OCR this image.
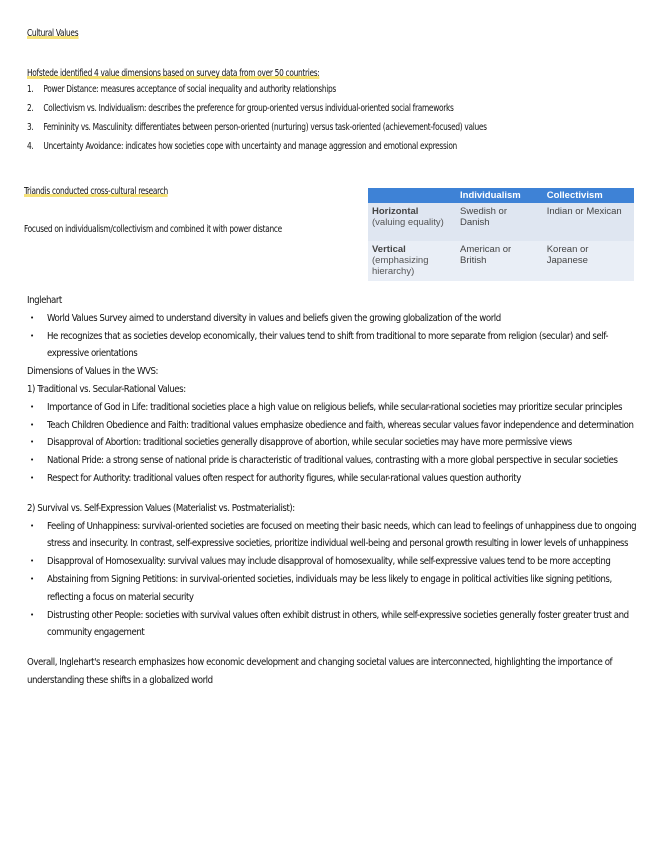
Cultural Values
Hofstede identified 4 value dimensions based on survey data from over 50 countries:
1. Power Distance: measures acceptance of social inequality and authority relationships
2. Collectivism vs. Individualism: describes the preference for group-oriented versus individual-oriented social frameworks
3. Femininity vs. Masculinity: differentiates between person-oriented (nurturing) versus task-oriented (achievement-focused) values
4. Uncertainty Avoidance: indicates how societies cope with uncertainty and manage aggression and emotional expression
Triandis conducted cross-cultural research
Focused on individualism/collectivism and combined it with power distance
	Individualism	Collectivism
Horizontal
(valuing equality)	Swedish or Danish	Indian or Mexican
Vertical
(emphasizing hierarchy)	American or British	Korean or Japanese
Inglehart
• World Values Survey aimed to understand diversity in values and beliefs given the growing globalization of the world
• He recognizes that as societies develop economically, their values tend to shift from traditional to more separate from religion (secular) and self-expressive orientations
Dimensions of Values in the WVS:
1) Traditional vs. Secular-Rational Values:
• Importance of God in Life: traditional societies place a high value on religious beliefs, while secular-rational societies may prioritize secular principles
• Teach Children Obedience and Faith: traditional values emphasize obedience and faith, whereas secular values favor independence and determination
• Disapproval of Abortion: traditional societies generally disapprove of abortion, while secular societies may have more permissive views
• National Pride: a strong sense of national pride is characteristic of traditional values, contrasting with a more global perspective in secular societies
• Respect for Authority: traditional values often respect for authority figures, while secular-rational values question authority
2) Survival vs. Self-Expression Values (Materialist vs. Postmaterialist):
• Feeling of Unhappiness: survival-oriented societies are focused on meeting their basic needs, which can lead to feelings of unhappiness due to ongoing stress and insecurity. In contrast, self-expressive societies, prioritize individual well-being and personal growth resulting in lower levels of unhappiness
• Disapproval of Homosexuality: survival values may include disapproval of homosexuality, while self-expressive values tend to be more accepting
• Abstaining from Signing Petitions: in survival-oriented societies, individuals may be less likely to engage in political activities like signing petitions, reflecting a focus on material security
• Distrusting other People: societies with survival values often exhibit distrust in others, while self-expressive societies generally foster greater trust and community engagement
Overall, Inglehart's research emphasizes how economic development and changing societal values are interconnected, highlighting the importance of understanding these shifts in a globalized world
